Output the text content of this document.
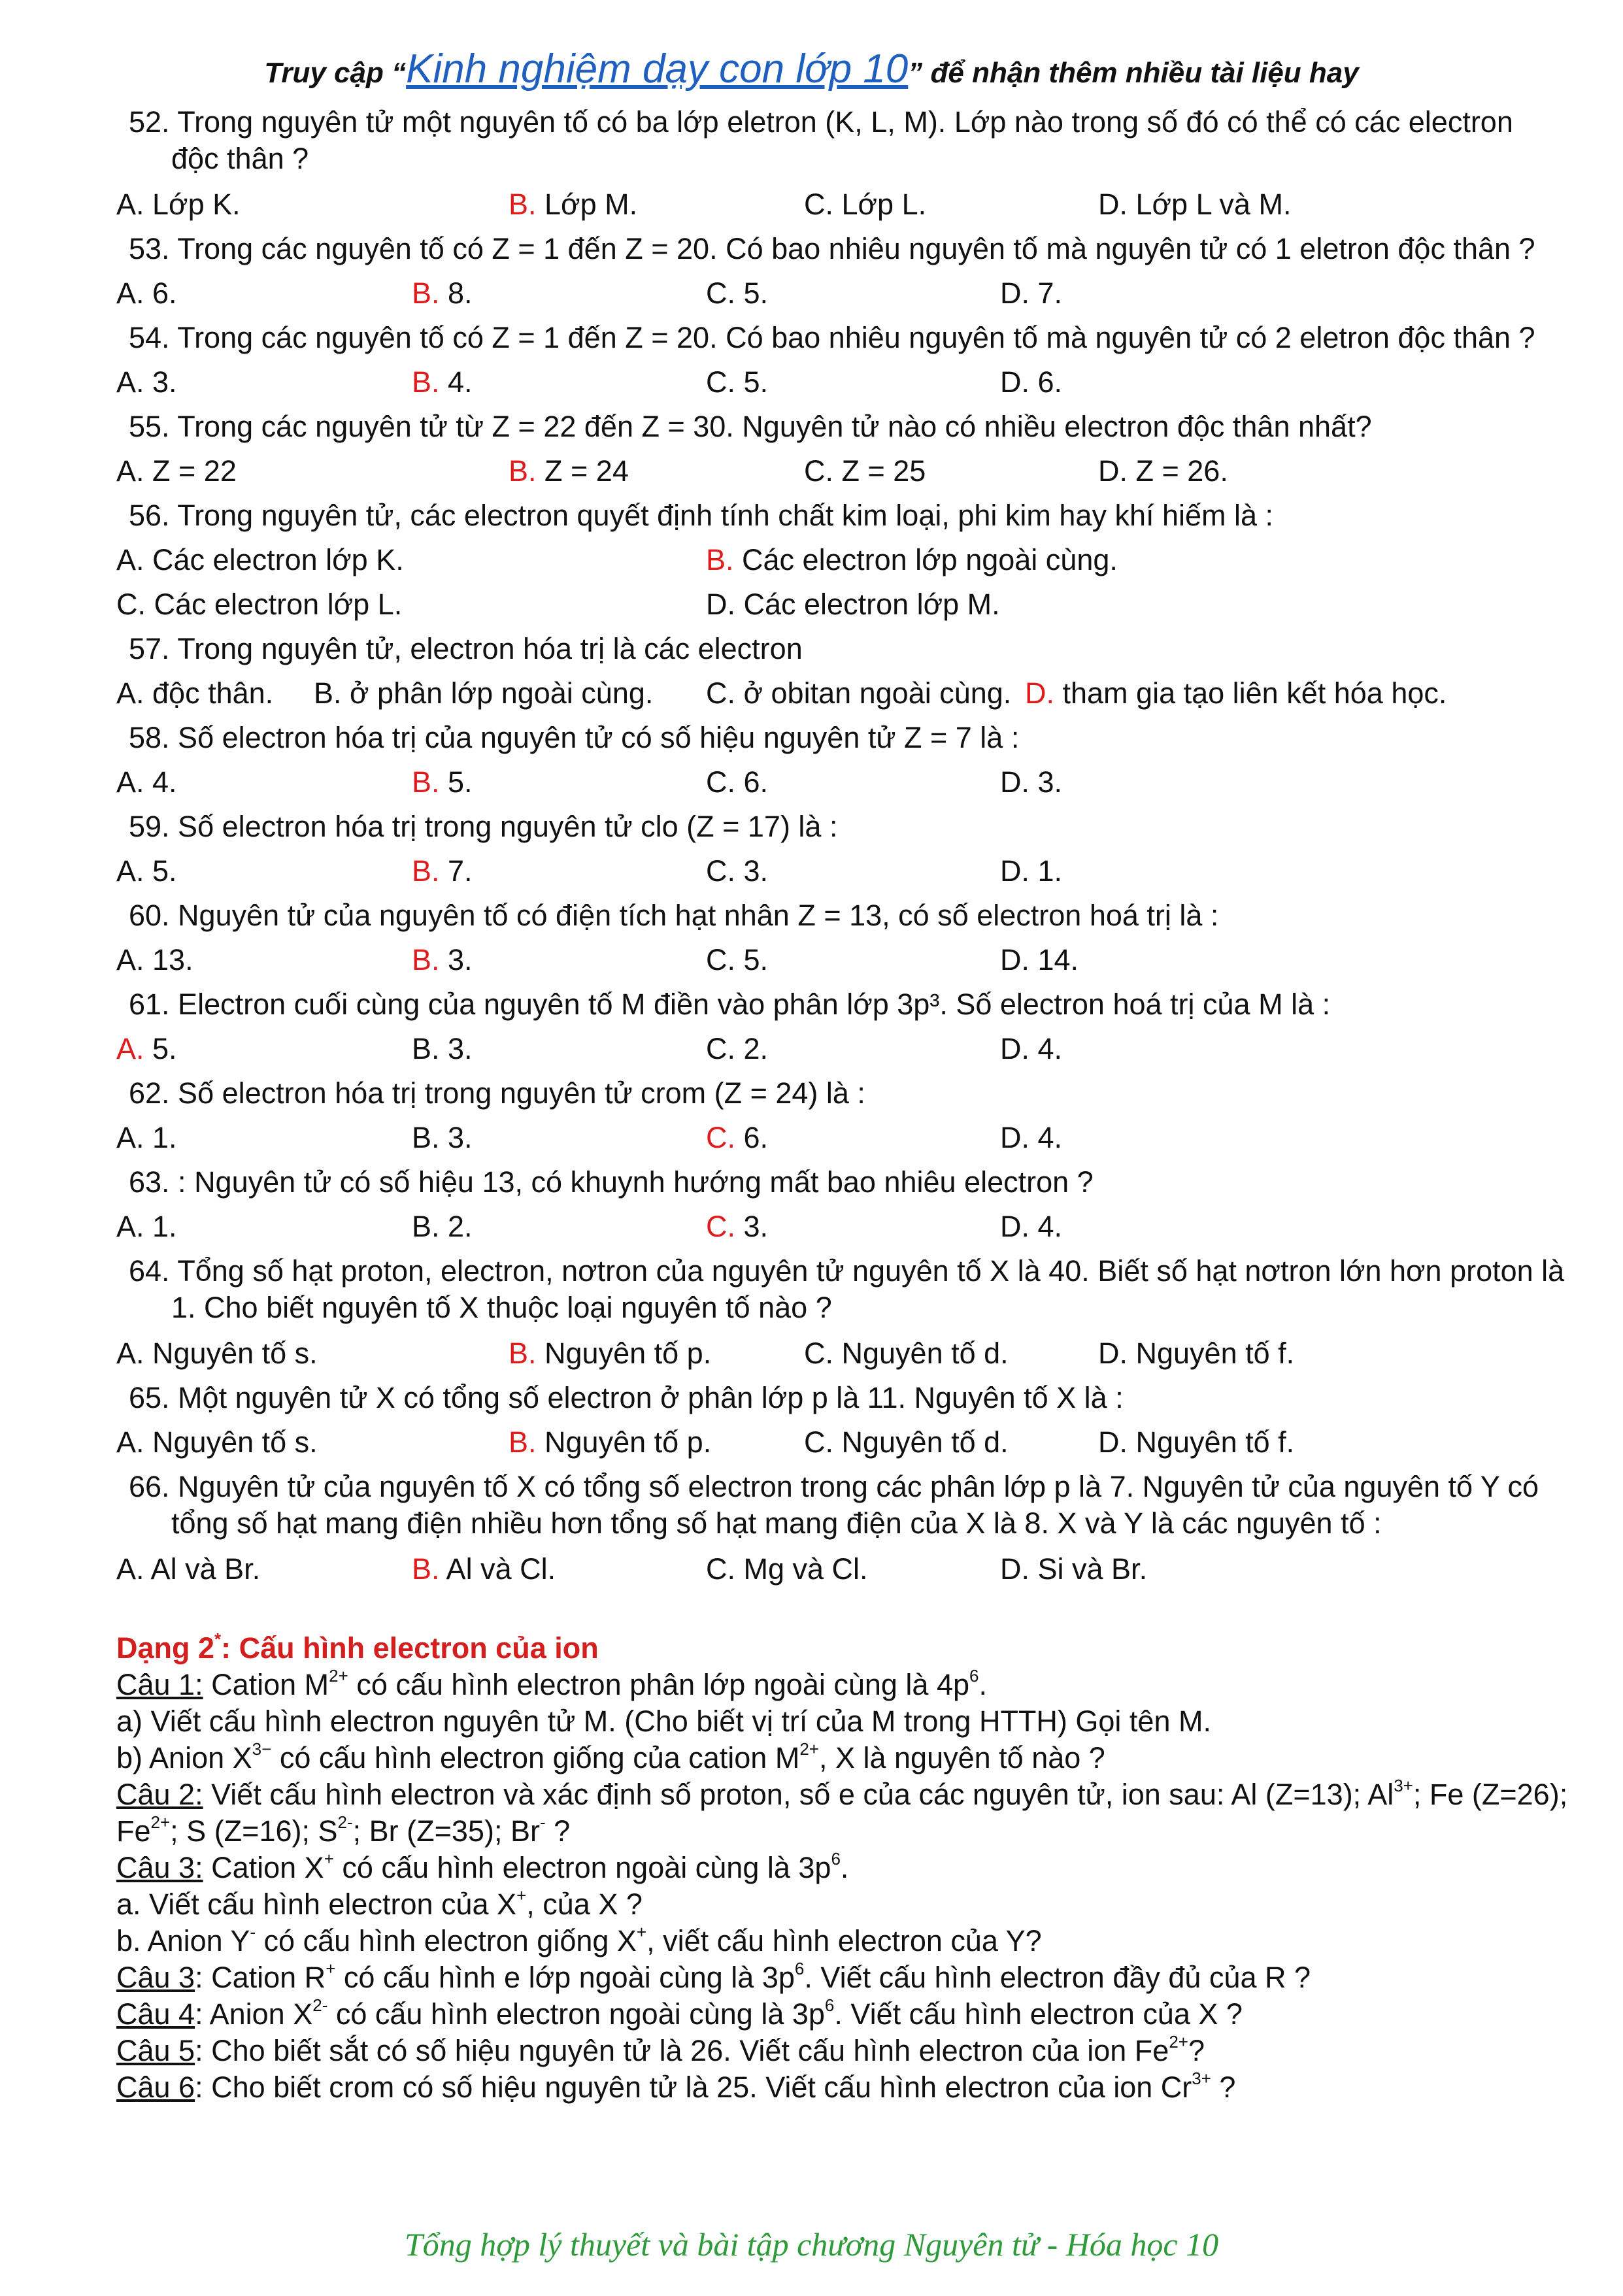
Truy cập “Kinh nghiệm dạy con lớp 10” để nhận thêm nhiều tài liệu hay
52. Trong nguyên tử một nguyên tố có ba lớp eletron (K, L, M). Lớp nào trong số đó có thể có các electron
độc thân ?
A. Lớp K.	B. Lớp M.	C. Lớp L.	D. Lớp L và M.
53. Trong các nguyên tố có Z = 1 đến Z = 20. Có bao nhiêu nguyên tố mà nguyên tử có 1 eletron độc thân ?
A. 6.	B. 8.	C. 5.	D. 7.
54. Trong các nguyên tố có Z = 1 đến Z = 20. Có bao nhiêu nguyên tố mà nguyên tử có 2 eletron độc thân ?
A. 3.	B. 4.	C. 5.	D. 6.
55. Trong các nguyên tử từ Z = 22 đến Z = 30. Nguyên tử nào có nhiều electron độc thân nhất?
A. Z = 22	B. Z = 24	C. Z = 25	D. Z = 26.
56. Trong nguyên tử, các electron quyết định tính chất kim loại, phi kim hay khí hiếm là :
A. Các electron lớp K.	B. Các electron lớp ngoài cùng.
C. Các electron lớp L.	D. Các electron lớp M.
57. Trong nguyên tử, electron hóa trị là các electron
A. độc thân. B. ở phân lớp ngoài cùng. C. ở obitan ngoài cùng. D. tham gia tạo liên kết hóa học.
58. Số electron hóa trị của nguyên tử có số hiệu nguyên tử Z = 7 là :
A. 4.	B. 5.	C. 6.	D. 3.
59. Số electron hóa trị trong nguyên tử clo (Z = 17) là :
A. 5.	B. 7.	C. 3.	D. 1.
60. Nguyên tử của nguyên tố có điện tích hạt nhân Z = 13, có số electron hoá trị là :
A. 13.	B. 3.	C. 5.	D. 14.
61. Electron cuối cùng của nguyên tố M điền vào phân lớp 3p³. Số electron hoá trị của M là :
A. 5.	B. 3.	C. 2.	D. 4.
62. Số electron hóa trị trong nguyên tử crom (Z = 24) là :
A. 1.	B. 3.	C. 6.	D. 4.
63. : Nguyên tử có số hiệu 13, có khuynh hướng mất bao nhiêu electron ?
A. 1.	B. 2.	C. 3.	D. 4.
64. Tổng số hạt proton, electron, nơtron của nguyên tử nguyên tố X là 40. Biết số hạt nơtron lớn hơn proton là
1. Cho biết nguyên tố X thuộc loại nguyên tố nào ?
A. Nguyên tố s.	B. Nguyên tố p.	C. Nguyên tố d.	D. Nguyên tố f.
65. Một nguyên tử X có tổng số electron ở phân lớp p là 11. Nguyên tố X là :
A. Nguyên tố s.	B. Nguyên tố p.	C. Nguyên tố d.	D. Nguyên tố f.
66. Nguyên tử của nguyên tố X có tổng số electron trong các phân lớp p là 7. Nguyên tử của nguyên tố Y có
tổng số hạt mang điện nhiều hơn tổng số hạt mang điện của X là 8. X và Y là các nguyên tố :
A. Al và Br.	B. Al và Cl.	C. Mg và Cl.	D. Si và Br.
Dạng 2*: Cấu hình electron của ion
Câu 1: Cation $M^{2+}$ có cấu hình electron phân lớp ngoài cùng là $4p^6$.
a) Viết cấu hình electron nguyên tử M. (Cho biết vị trí của M trong HTTH) Gọi tên M.
b) Anion $X^{3-}$ có cấu hình electron giống của cation $M^{2+}$, X là nguyên tố nào ?
Câu 2: Viết cấu hình electron và xác định số proton, số e của các nguyên tử, ion sau: Al (Z=13); $Al^{3+}$; Fe (Z=26);
$Fe^{2+}$; S (Z=16); $S^{2-}$; Br (Z=35); Br- ?
Câu 3: Cation X+ có cấu hình electron ngoài cùng là $3p^6$.
a. Viết cấu hình electron của X+, của X ?
b. Anion Y- có cấu hình electron giống X+, viết cấu hình electron của Y?
Câu 3: Cation R+ có cấu hình e lớp ngoài cùng là $3p^6$. Viết cấu hình electron đầy đủ của R ?
Câu 4: Anion $X^{2-}$ có cấu hình electron ngoài cùng là $3p^6$. Viết cấu hình electron của X ?
Câu 5: Cho biết sắt có số hiệu nguyên tử là 26. Viết cấu hình electron của ion $Fe^{2+}$?
Câu 6: Cho biết crom có số hiệu nguyên tử là 25. Viết cấu hình electron của ion $Cr^{3+}$ ?
Tổng hợp lý thuyết và bài tập chương Nguyên tử - Hóa học 10
